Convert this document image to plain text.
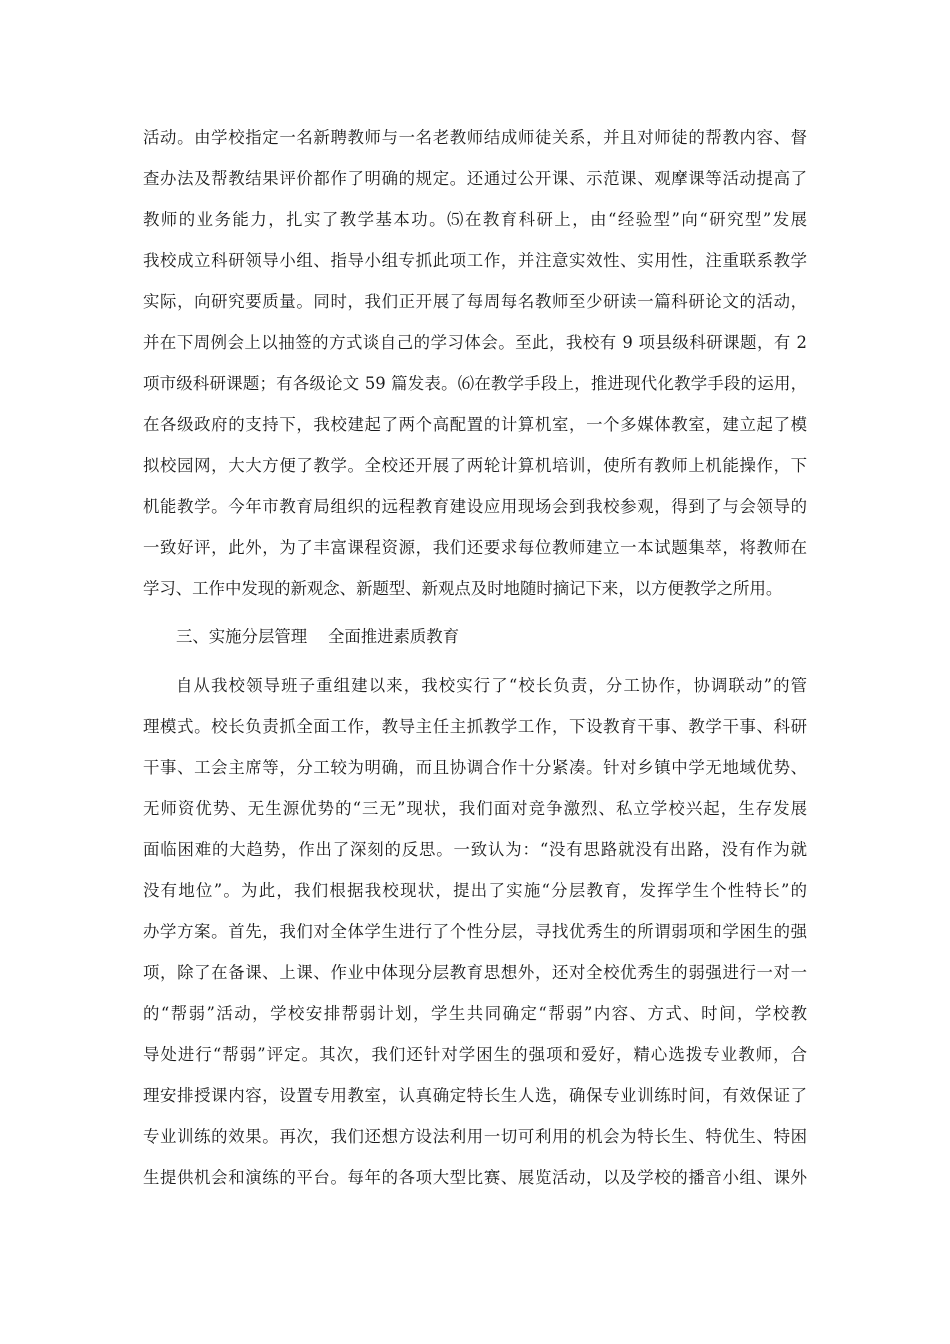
活动。由学校指定一名新聘教师与一名老教师结成师徒关系，并且对师徒的帮教内容、督
查办法及帮教结果评价都作了明确的规定。还通过公开课、示范课、观摩课等活动提高了
教师的业务能力，扎实了教学基本功。⑸在教育科研上，由“经验型”向“研究型”发展
我校成立科研领导小组、指导小组专抓此项工作，并注意实效性、实用性，注重联系教学
实际，向研究要质量。同时，我们正开展了每周每名教师至少研读一篇科研论文的活动，
并在下周例会上以抽签的方式谈自己的学习体会。至此，我校有 9 项县级科研课题，有 2
项市级科研课题；有各级论文 59 篇发表。⑹在教学手段上，推进现代化教学手段的运用，
在各级政府的支持下，我校建起了两个高配置的计算机室，一个多媒体教室，建立起了模
拟校园网，大大方便了教学。全校还开展了两轮计算机培训，使所有教师上机能操作，下
机能教学。今年市教育局组织的远程教育建设应用现场会到我校参观，得到了与会领导的
一致好评，此外，为了丰富课程资源，我们还要求每位教师建立一本试题集萃，将教师在
学习、工作中发现的新观念、新题型、新观点及时地随时摘记下来，以方便教学之所用。
三、实施分层管理    全面推进素质教育
自从我校领导班子重组建以来，我校实行了“校长负责，分工协作，协调联动”的管
理模式。校长负责抓全面工作，教导主任主抓教学工作，下设教育干事、教学干事、科研
干事、工会主席等，分工较为明确，而且协调合作十分紧凑。针对乡镇中学无地域优势、
无师资优势、无生源优势的“三无”现状，我们面对竞争激烈、私立学校兴起，生存发展
面临困难的大趋势，作出了深刻的反思。一致认为：“没有思路就没有出路，没有作为就
没有地位”。为此，我们根据我校现状，提出了实施“分层教育，发挥学生个性特长”的
办学方案。首先，我们对全体学生进行了个性分层，寻找优秀生的所谓弱项和学困生的强
项，除了在备课、上课、作业中体现分层教育思想外，还对全校优秀生的弱强进行一对一
的“帮弱”活动，学校安排帮弱计划，学生共同确定“帮弱”内容、方式、时间，学校教
导处进行“帮弱”评定。其次，我们还针对学困生的强项和爱好，精心选拨专业教师，合
理安排授课内容，设置专用教室，认真确定特长生人选，确保专业训练时间，有效保证了
专业训练的效果。再次，我们还想方设法利用一切可利用的机会为特长生、特优生、特困
生提供机会和演练的平台。每年的各项大型比赛、展览活动，以及学校的播音小组、课外
